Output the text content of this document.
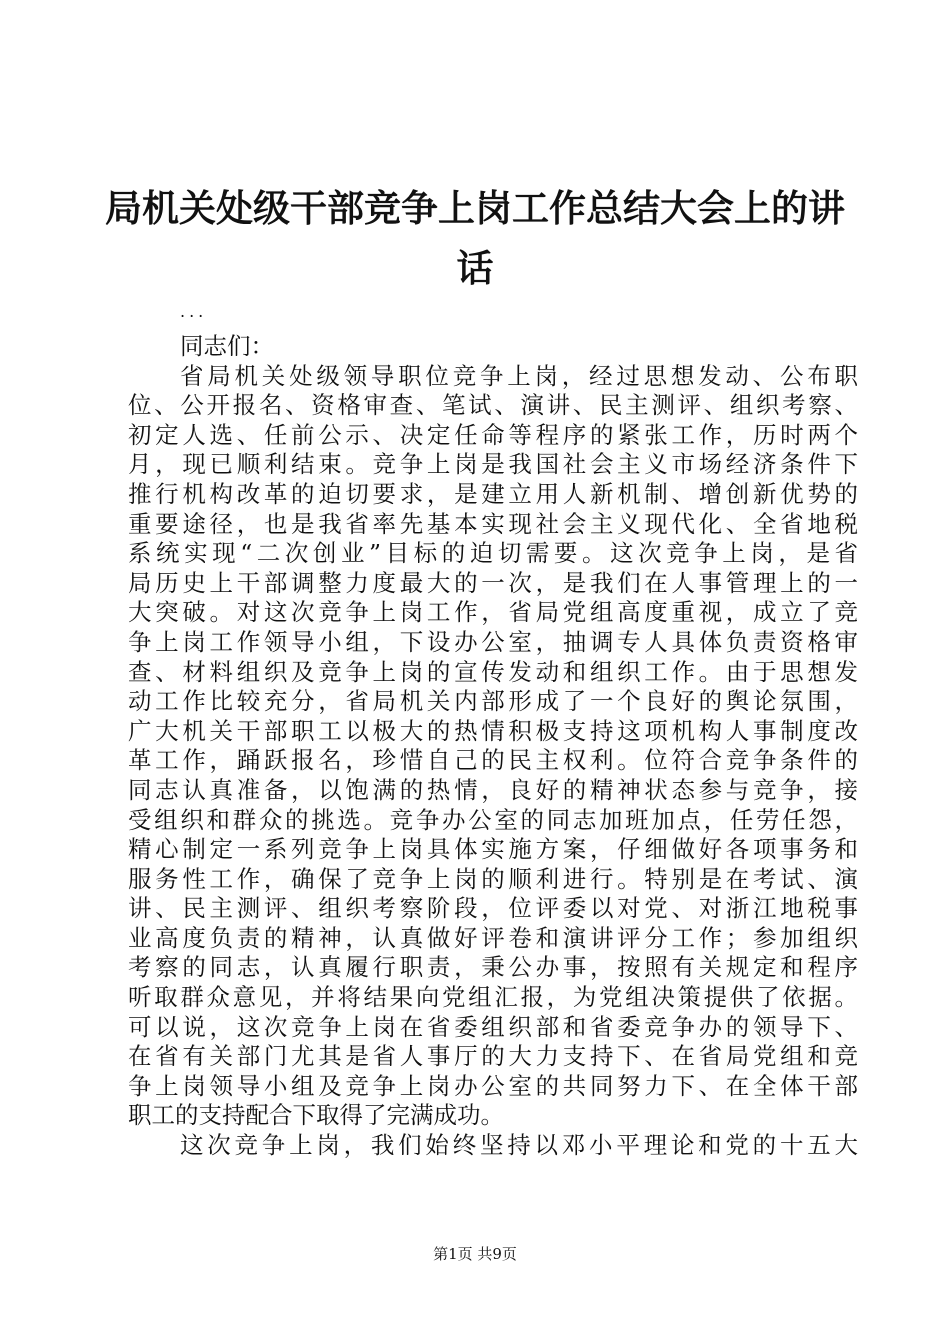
局机关处级干部竞争上岗工作总结大会上的讲
话
...
同志们：
省局机关处级领导职位竞争上岗，经过思想发动、公布职
位、公开报名、资格审查、笔试、演讲、民主测评、组织考察、
初定人选、任前公示、决定任命等程序的紧张工作，历时两个
月，现已顺利结束。竞争上岗是我国社会主义市场经济条件下
推行机构改革的迫切要求，是建立用人新机制、增创新优势的
重要途径，也是我省率先基本实现社会主义现代化、全省地税
系统实现“二次创业”目标的迫切需要。这次竞争上岗，是省
局历史上干部调整力度最大的一次，是我们在人事管理上的一
大突破。对这次竞争上岗工作，省局党组高度重视，成立了竞
争上岗工作领导小组，下设办公室，抽调专人具体负责资格审
查、材料组织及竞争上岗的宣传发动和组织工作。由于思想发
动工作比较充分，省局机关内部形成了一个良好的舆论氛围，
广大机关干部职工以极大的热情积极支持这项机构人事制度改
革工作，踊跃报名，珍惜自己的民主权利。位符合竞争条件的
同志认真准备，以饱满的热情，良好的精神状态参与竞争，接
受组织和群众的挑选。竞争办公室的同志加班加点，任劳任怨，
精心制定一系列竞争上岗具体实施方案，仔细做好各项事务和
服务性工作，确保了竞争上岗的顺利进行。特别是在考试、演
讲、民主测评、组织考察阶段，位评委以对党、对浙江地税事
业高度负责的精神，认真做好评卷和演讲评分工作；参加组织
考察的同志，认真履行职责，秉公办事，按照有关规定和程序
听取群众意见，并将结果向党组汇报，为党组决策提供了依据。
可以说，这次竞争上岗在省委组织部和省委竞争办的领导下、
在省有关部门尤其是省人事厅的大力支持下、在省局党组和竞
争上岗领导小组及竞争上岗办公室的共同努力下、在全体干部
职工的支持配合下取得了完满成功。
这次竞争上岗，我们始终坚持以邓小平理论和党的十五大
第1页 共9页
